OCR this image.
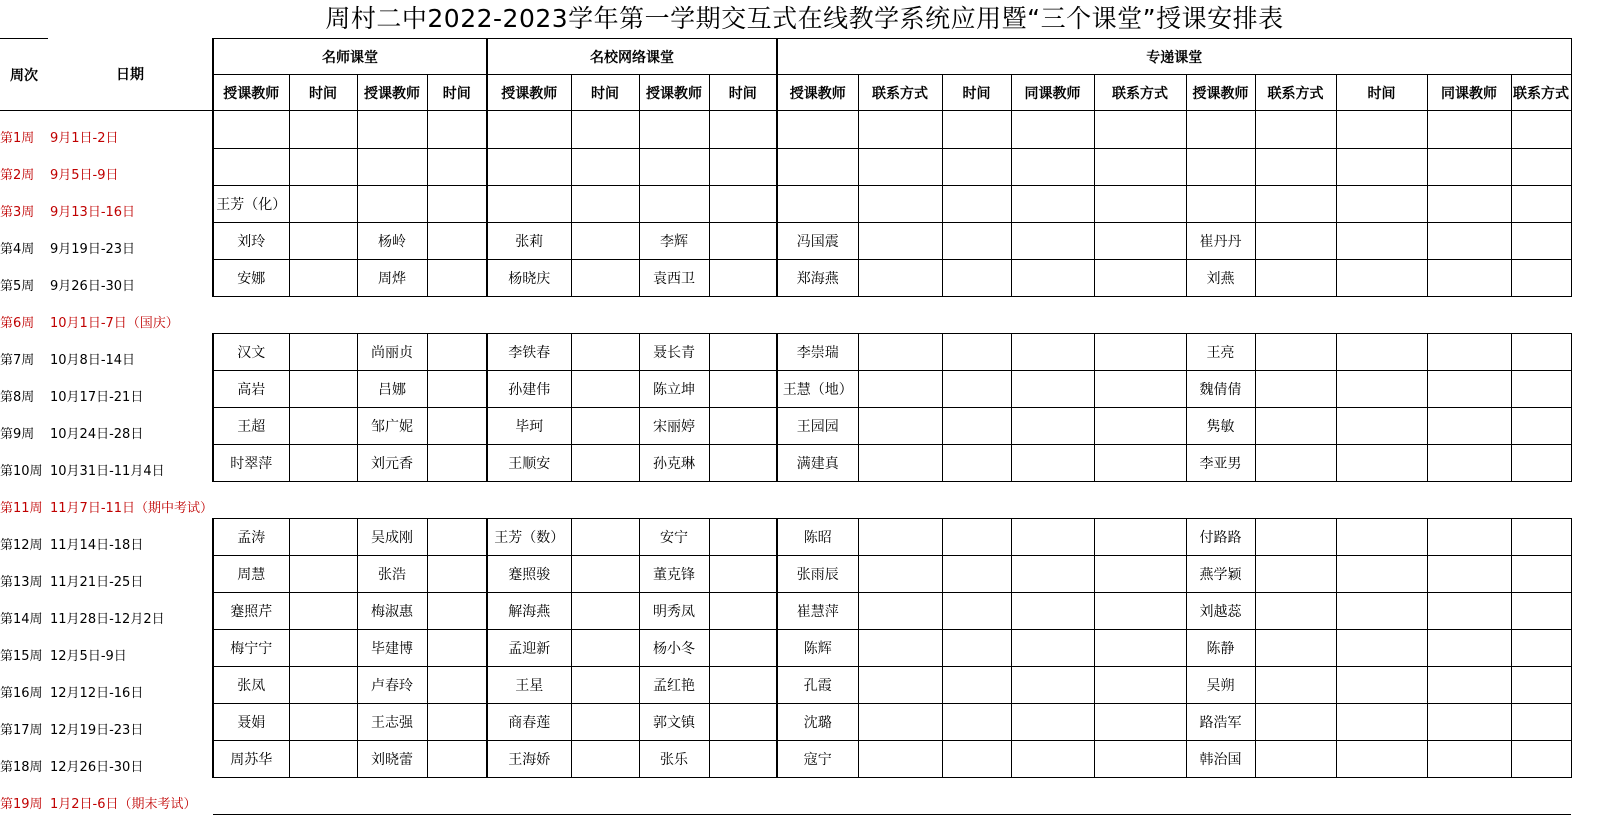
周村二中2022-2023学年第一学期交互式在线教学系统应用暨“三个课堂”授课安排表
周次	日期	名师课堂				名校网络课堂				专递课堂									
		授课教师	时间	授课教师	时间	授课教师	时间	授课教师	时间	授课教师	联系方式	时间	同课教师	联系方式	授课教师	联系方式	时间	同课教师	联系方式
第1周	9月1日-2日																		
第2周	9月5日-9日																		
第3周	9月13日-16日	王芳（化）																	
第4周	9月19日-23日	刘玲		杨岭		张莉		李辉		冯国震					崔丹丹				
第5周	9月26日-30日	安娜		周烨		杨晓庆		袁西卫		郑海燕					刘燕				
第6周	10月1日-7日（国庆）																		
第7周	10月8日-14日	汉文		尚丽贞		李铁春		聂长青		李崇瑞					王亮				
第8周	10月17日-21日	高岩		吕娜		孙建伟		陈立坤		王慧（地）					魏倩倩				
第9周	10月24日-28日	王超		邹广妮		毕珂		宋丽婷		王园园					隽敏				
第10周	10月31日-11月4日	时翠萍		刘元香		王顺安		孙克琳		满建真					李亚男				
第11周	11月7日-11日（期中考试）																		
第12周	11月14日-18日	孟涛		吴成刚		王芳（数）		安宁		陈昭					付路路				
第13周	11月21日-25日	周慧		张浩		蹇照骏		董克锋		张雨辰					燕学颖				
第14周	11月28日-12月2日	蹇照芹		梅淑惠		解海燕		明秀凤		崔慧萍					刘越蕊				
第15周	12月5日-9日	梅宁宁		毕建博		孟迎新		杨小冬		陈辉					陈静				
第16周	12月12日-16日	张凤		卢春玲		王星		孟红艳		孔霞					吴朔				
第17周	12月19日-23日	聂娟		王志强		商春莲		郭文镇		沈璐					路浩军				
第18周	12月26日-30日	周苏华		刘晓蕾		王海娇		张乐		寇宁					韩治国				
第19周	1月2日-6日（期末考试）																		
